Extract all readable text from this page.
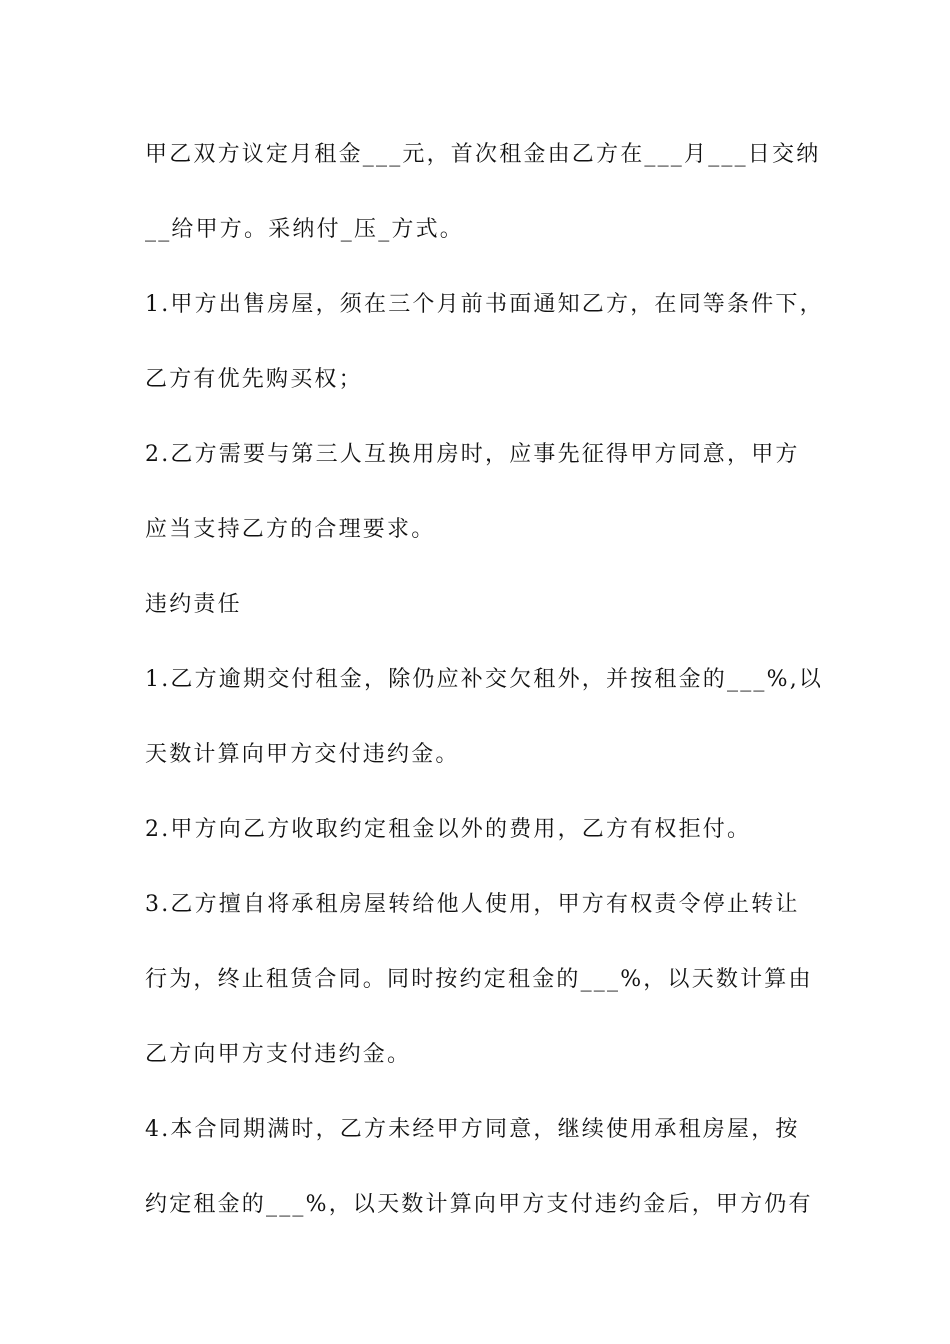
甲乙双方议定月租金___元，首次租金由乙方在___月___日交纳
__给甲方。采纳付_压_方式。
1.甲方出售房屋，须在三个月前书面通知乙方，在同等条件下，
乙方有优先购买权；
2.乙方需要与第三人互换用房时，应事先征得甲方同意，甲方
应当支持乙方的合理要求。
违约责任
1.乙方逾期交付租金，除仍应补交欠租外，并按租金的___%,以
天数计算向甲方交付违约金。
2.甲方向乙方收取约定租金以外的费用，乙方有权拒付。
3.乙方擅自将承租房屋转给他人使用，甲方有权责令停止转让
行为，终止租赁合同。同时按约定租金的___%，以天数计算由
乙方向甲方支付违约金。
4.本合同期满时，乙方未经甲方同意，继续使用承租房屋，按
约定租金的___%，以天数计算向甲方支付违约金后，甲方仍有
